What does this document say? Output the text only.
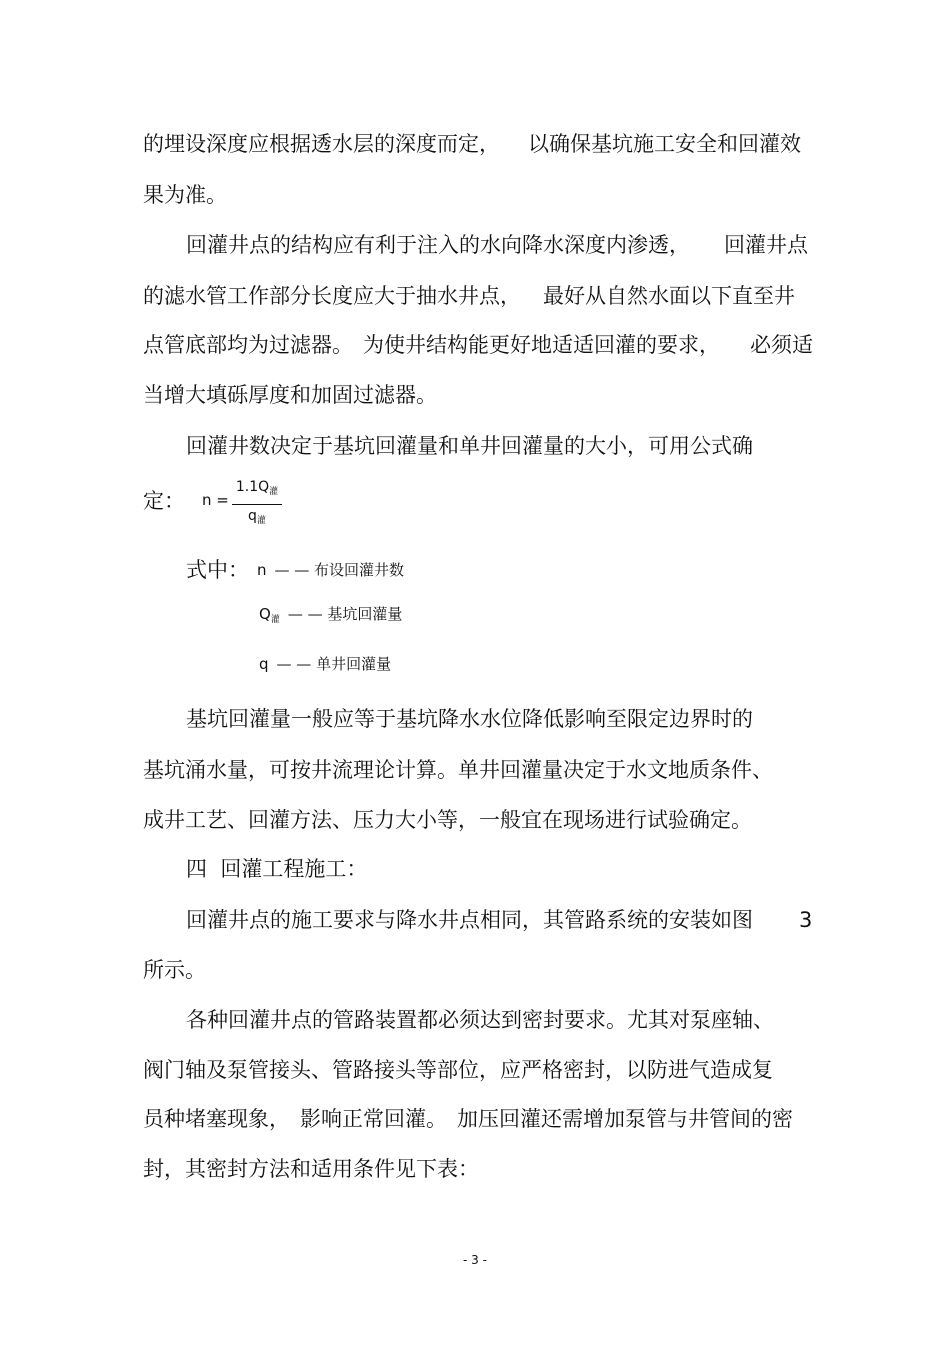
的埋设深度应根据透水层的深度而定， 以确保基坑施工安全和回灌效
果为准。
回灌井点的结构应有利于注入的水向降水深度内渗透， 回灌井点
的滤水管工作部分长度应大于抽水井点， 最好从自然水面以下直至井
点管底部均为过滤器。 为使井结构能更好地适适回灌的要求， 必须适
当增大填砾厚度和加固过滤器。
回灌井数决定于基坑回灌量和单井回灌量的大小，可用公式确
定： n =
$1.1Q_灌$
$q_灌$
式中： n — — 布设回灌井数
$Q_灌$ — — 基坑回灌量
q — — 单井回灌量
基坑回灌量一般应等于基坑降水水位降低影响至限定边界时的
基坑涌水量，可按井流理论计算。单井回灌量决定于水文地质条件、
成井工艺、回灌方法、压力大小等，一般宜在现场进行试验确定。
四  回灌工程施工：
回灌井点的施工要求与降水井点相同，其管路系统的安装如图 3
所示。
各种回灌井点的管路装置都必须达到密封要求。尤其对泵座轴、
阀门轴及泵管接头、管路接头等部位，应严格密封，以防进气造成复
员种堵塞现象， 影响正常回灌。 加压回灌还需增加泵管与井管间的密
封，其密封方法和适用条件见下表：
- 3 -
